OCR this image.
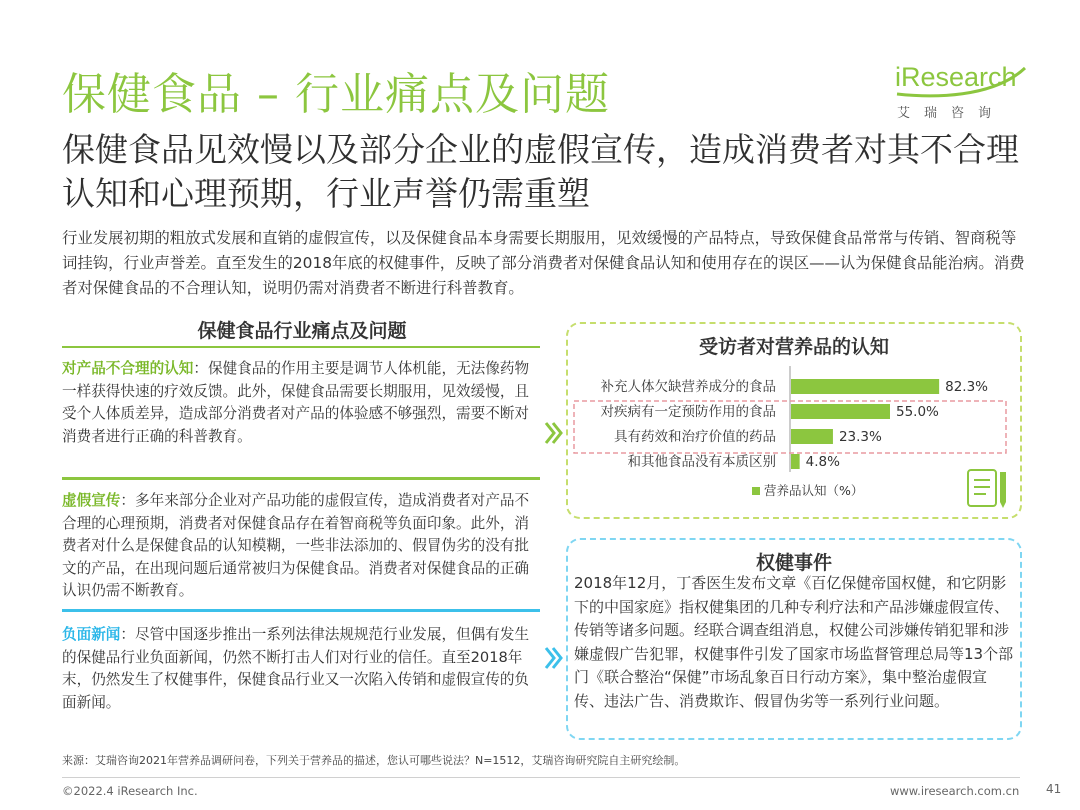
保健食品 – 行业痛点及问题	iResearch
艾瑞咨询
保健食品见效慢以及部分企业的虚假宣传，造成消费者对其不合理认知和心理预期，行业声誉仍需重塑
行业发展初期的粗放式发展和直销的虚假宣传，以及保健食品本身需要长期服用，见效缓慢的产品特点，导致保健食品常常与传销、智商税等词挂钩，行业声誉差。直至发生的2018年底的权健事件，反映了部分消费者对保健食品认知和使用存在的误区——认为保健食品能治病。消费者对保健食品的不合理认知，说明仍需对消费者不断进行科普教育。
保健食品行业痛点及问题
对产品不合理的认知：保健食品的作用主要是调节人体机能，无法像药物一样获得快速的疗效反馈。此外，保健食品需要长期服用，见效缓慢，且受个人体质差异，造成部分消费者对产品的体验感不够强烈，需要不断对消费者进行正确的科普教育。
虚假宣传：多年来部分企业对产品功能的虚假宣传，造成消费者对产品不合理的心理预期，消费者对保健食品存在着智商税等负面印象。此外，消费者对什么是保健食品的认知模糊，一些非法添加的、假冒伪劣的没有批文的产品，在出现问题后通常被归为保健食品。消费者对保健食品的正确认识仍需不断教育。
负面新闻：尽管中国逐步推出一系列法律法规规范行业发展，但偶有发生的保健品行业负面新闻，仍然不断打击人们对行业的信任。直至2018年末，仍然发生了权健事件，保健食品行业又一次陷入传销和虚假宣传的负面新闻。
受访者对营养品的认知
补充人体欠缺营养成分的食品	82.3%
对疾病有一定预防作用的食品	55.0%
具有药效和治疗价值的药品	23.3%
和其他食品没有本质区别 4.8%
营养品认知（%）
权健事件
2018年12月，丁香医生发布文章《百亿保健帝国权健，和它阴影下的中国家庭》指权健集团的几种专利疗法和产品涉嫌虚假宣传、传销等诸多问题。经联合调查组消息，权健公司涉嫌传销犯罪和涉嫌虚假广告犯罪，权健事件引发了国家市场监督管理总局等13个部门《联合整治“保健”市场乱象百日行动方案》，集中整治虚假宣传、违法广告、消费欺诈、假冒伪劣等一系列行业问题。
来源：艾瑞咨询2021年营养品调研问卷，下列关于营养品的描述，您认可哪些说法？N=1512，艾瑞咨询研究院自主研究绘制。
©2022.4 iResearch Inc.	www.iresearch.com.cn 41
